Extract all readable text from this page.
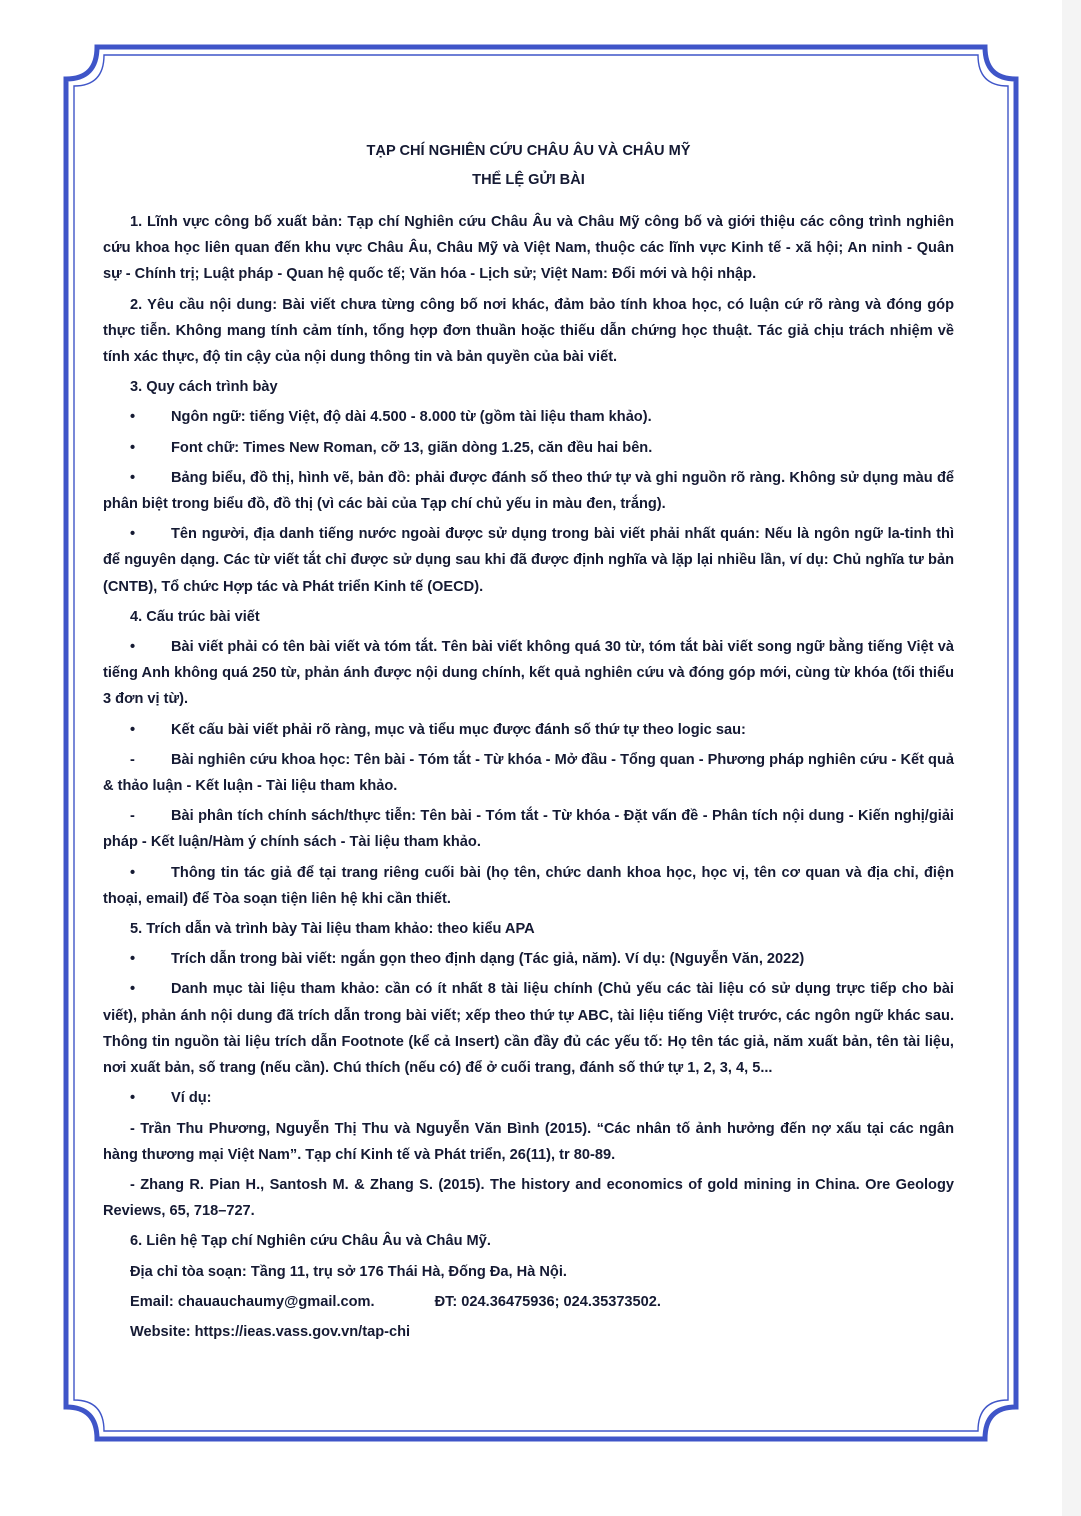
TẠP CHÍ NGHIÊN CỨU CHÂU ÂU VÀ CHÂU MỸ
THỂ LỆ GỬI BÀI

1. Lĩnh vực công bố xuất bản: Tạp chí Nghiên cứu Châu Âu và Châu Mỹ công bố và giới thiệu các công trình nghiên cứu khoa học liên quan đến khu vực Châu Âu, Châu Mỹ và Việt Nam, thuộc các lĩnh vực Kinh tế - xã hội; An ninh - Quân sự - Chính trị; Luật pháp - Quan hệ quốc tế; Văn hóa - Lịch sử; Việt Nam: Đổi mới và hội nhập.

2. Yêu cầu nội dung: Bài viết chưa từng công bố nơi khác, đảm bảo tính khoa học, có luận cứ rõ ràng và đóng góp thực tiễn. Không mang tính cảm tính, tổng hợp đơn thuần hoặc thiếu dẫn chứng học thuật. Tác giả chịu trách nhiệm về tính xác thực, độ tin cậy của nội dung thông tin và bản quyền của bài viết.

3. Quy cách trình bày

• Ngôn ngữ: tiếng Việt, độ dài 4.500 - 8.000 từ (gồm tài liệu tham khảo).

• Font chữ: Times New Roman, cỡ 13, giãn dòng 1.25, căn đều hai bên.

• Bảng biểu, đồ thị, hình vẽ, bản đồ: phải được đánh số theo thứ tự và ghi nguồn rõ ràng. Không sử dụng màu để phân biệt trong biểu đồ, đồ thị (vì các bài của Tạp chí chủ yếu in màu đen, trắng).

• Tên người, địa danh tiếng nước ngoài được sử dụng trong bài viết phải nhất quán: Nếu là ngôn ngữ la-tinh thì để nguyên dạng. Các từ viết tắt chỉ được sử dụng sau khi đã được định nghĩa và lặp lại nhiều lần, ví dụ: Chủ nghĩa tư bản (CNTB), Tổ chức Hợp tác và Phát triển Kinh tế (OECD).

4. Cấu trúc bài viết

• Bài viết phải có tên bài viết và tóm tắt. Tên bài viết không quá 30 từ, tóm tắt bài viết song ngữ bằng tiếng Việt và tiếng Anh không quá 250 từ, phản ánh được nội dung chính, kết quả nghiên cứu và đóng góp mới, cùng từ khóa (tối thiểu 3 đơn vị từ).

• Kết cấu bài viết phải rõ ràng, mục và tiểu mục được đánh số thứ tự theo logic sau:

- Bài nghiên cứu khoa học: Tên bài - Tóm tắt - Từ khóa - Mở đầu - Tổng quan - Phương pháp nghiên cứu - Kết quả & thảo luận - Kết luận - Tài liệu tham khảo.

- Bài phân tích chính sách/thực tiễn: Tên bài - Tóm tắt - Từ khóa - Đặt vấn đề - Phân tích nội dung - Kiến nghị/giải pháp - Kết luận/Hàm ý chính sách - Tài liệu tham khảo.

• Thông tin tác giả để tại trang riêng cuối bài (họ tên, chức danh khoa học, học vị, tên cơ quan và địa chỉ, điện thoại, email) để Tòa soạn tiện liên hệ khi cần thiết.

5. Trích dẫn và trình bày Tài liệu tham khảo: theo kiểu APA

• Trích dẫn trong bài viết: ngắn gọn theo định dạng (Tác giả, năm). Ví dụ: (Nguyễn Văn, 2022)

• Danh mục tài liệu tham khảo: cần có ít nhất 8 tài liệu chính (Chủ yếu các tài liệu có sử dụng trực tiếp cho bài viết), phản ánh nội dung đã trích dẫn trong bài viết; xếp theo thứ tự ABC, tài liệu tiếng Việt trước, các ngôn ngữ khác sau. Thông tin nguồn tài liệu trích dẫn Footnote (kể cả Insert) cần đầy đủ các yếu tố: Họ tên tác giả, năm xuất bản, tên tài liệu, nơi xuất bản, số trang (nếu cần). Chú thích (nếu có) để ở cuối trang, đánh số thứ tự 1, 2, 3, 4, 5...

• Ví dụ:

- Trần Thu Phương, Nguyễn Thị Thu và Nguyễn Văn Bình (2015). “Các nhân tố ảnh hưởng đến nợ xấu tại các ngân hàng thương mại Việt Nam”. Tạp chí Kinh tế và Phát triển, 26(11), tr 80-89.

- Zhang R. Pian H., Santosh M. & Zhang S. (2015). The history and economics of gold mining in China. Ore Geology Reviews, 65, 718–727.

6. Liên hệ Tạp chí Nghiên cứu Châu Âu và Châu Mỹ.

Địa chỉ tòa soạn: Tầng 11, trụ sở 176 Thái Hà, Đống Đa, Hà Nội.

Email: chauauchaumy@gmail.com.	ĐT: 024.36475936; 024.35373502.

Website: https://ieas.vass.gov.vn/tap-chi
